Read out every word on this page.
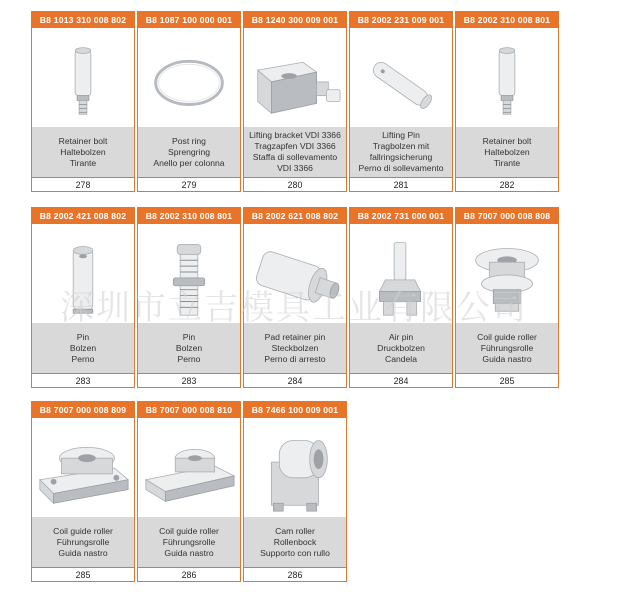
B8 1013 310 008 802
Retainer bolt
Haltebolzen
Tirante
278
B8 1087 100 000 001
Post ring
Sprengring
Anello per colonna
279
B8 1240 300 009 001
Lifting bracket VDI 3366
Tragzapfen VDI 3366
Staffa di sollevamento
VDI 3366
280
B8 2002 231 009 001
Lifting Pin
Tragbolzen mit
fallringsicherung
Perno di sollevamento
281
B8 2002 310 008 801
Retainer bolt
Haltebolzen
Tirante
282
B8 2002 421 008 802
Pin
Bolzen
Perno
283
B8 2002 310 008 801
Pin
Bolzen
Perno
283
B8 2002 621 008 802
Pad retainer pin
Steckbolzen
Perno di arresto
284
B8 2002 731 000 001
Air pin
Druckbolzen
Candela
284
B8 7007 000 008 808
Coil guide roller
Führungsrolle
Guida nastro
285
B8 7007 000 008 809
Coil guide roller
Führungsrolle
Guida nastro
285
B8 7007 000 008 810
Coil guide roller
Führungsrolle
Guida nastro
286
B8 7466 100 009 001
Cam roller
Rollenbock
Supporto con rullo
286
深圳市立吉模具工业有限公司
